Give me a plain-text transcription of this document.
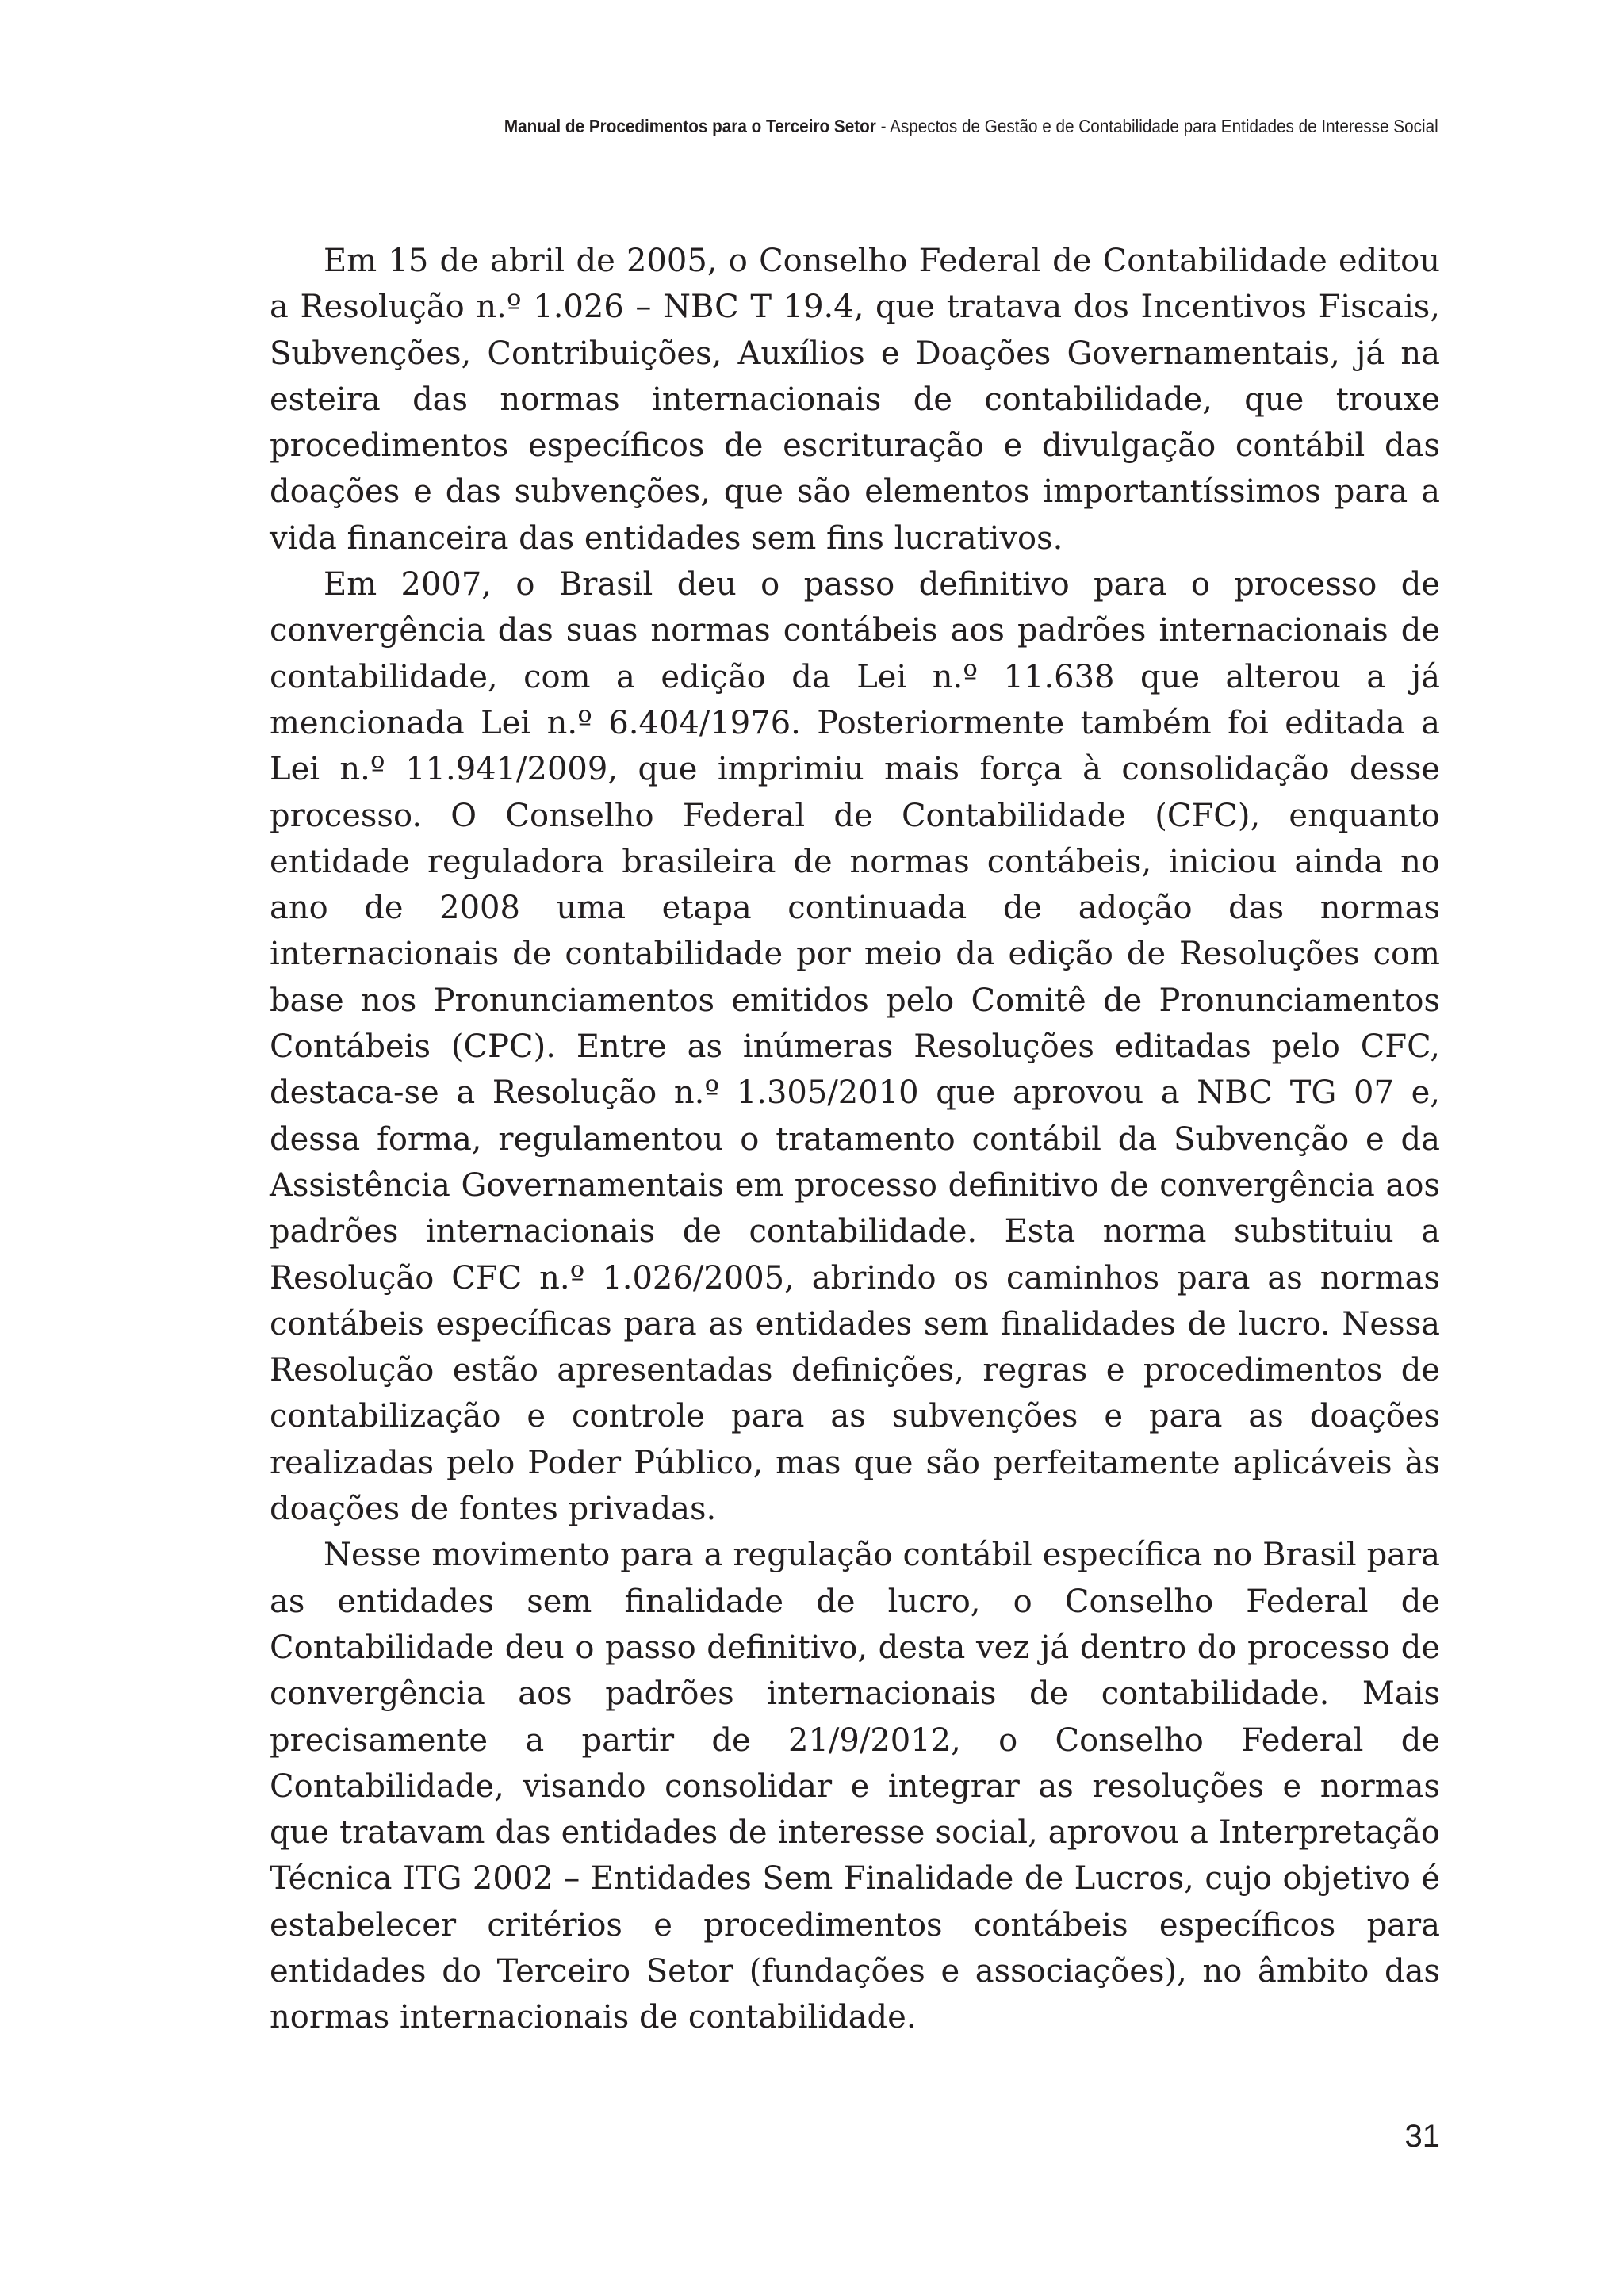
Manual de Procedimentos para o Terceiro Setor - Aspectos de Gestão e de Contabilidade para Entidades de Interesse Social

Em 15 de abril de 2005, o Conselho Federal de Contabilidade editou a Resolução n.º 1.026 – NBC T 19.4, que tratava dos Incentivos Fiscais, Subvenções, Contribuições, Auxílios e Doações Governamentais, já na esteira das normas internacionais de contabilidade, que trouxe procedimentos específicos de escrituração e divulgação contábil das doações e das subvenções, que são elementos importantíssimos para a vida financeira das entidades sem fins lucrativos.

Em 2007, o Brasil deu o passo definitivo para o processo de convergência das suas normas contábeis aos padrões internacionais de contabilidade, com a edição da Lei n.º 11.638 que alterou a já mencionada Lei n.º 6.404/1976. Posteriormente também foi editada a Lei n.º 11.941/2009, que imprimiu mais força à consolidação desse processo. O Conselho Federal de Contabilidade (CFC), enquanto entidade reguladora brasileira de normas contábeis, iniciou ainda no ano de 2008 uma etapa continuada de adoção das normas internacionais de contabilidade por meio da edição de Resoluções com base nos Pronunciamentos emitidos pelo Comitê de Pronunciamentos Contábeis (CPC). Entre as inúmeras Resoluções editadas pelo CFC, destaca-se a Resolução n.º 1.305/2010 que aprovou a NBC TG 07 e, dessa forma, regulamentou o tratamento contábil da Subvenção e da Assistência Governamentais em processo definitivo de convergência aos padrões internacionais de contabilidade. Esta norma substituiu a Resolução CFC n.º 1.026/2005, abrindo os caminhos para as normas contábeis específicas para as entidades sem finalidades de lucro. Nessa Resolução estão apresentadas definições, regras e procedimentos de contabilização e controle para as subvenções e para as doações realizadas pelo Poder Público, mas que são perfeitamente aplicáveis às doações de fontes privadas.

Nesse movimento para a regulação contábil específica no Brasil para as entidades sem finalidade de lucro, o Conselho Federal de Contabilidade deu o passo definitivo, desta vez já dentro do processo de convergência aos padrões internacionais de contabilidade. Mais precisamente a partir de 21/9/2012, o Conselho Federal de Contabilidade, visando consolidar e integrar as resoluções e normas que tratavam das entidades de interesse social, aprovou a Interpretação Técnica ITG 2002 – Entidades Sem Finalidade de Lucros, cujo objetivo é estabelecer critérios e procedimentos contábeis específicos para entidades do Terceiro Setor (fundações e associações), no âmbito das normas internacionais de contabilidade.

31
